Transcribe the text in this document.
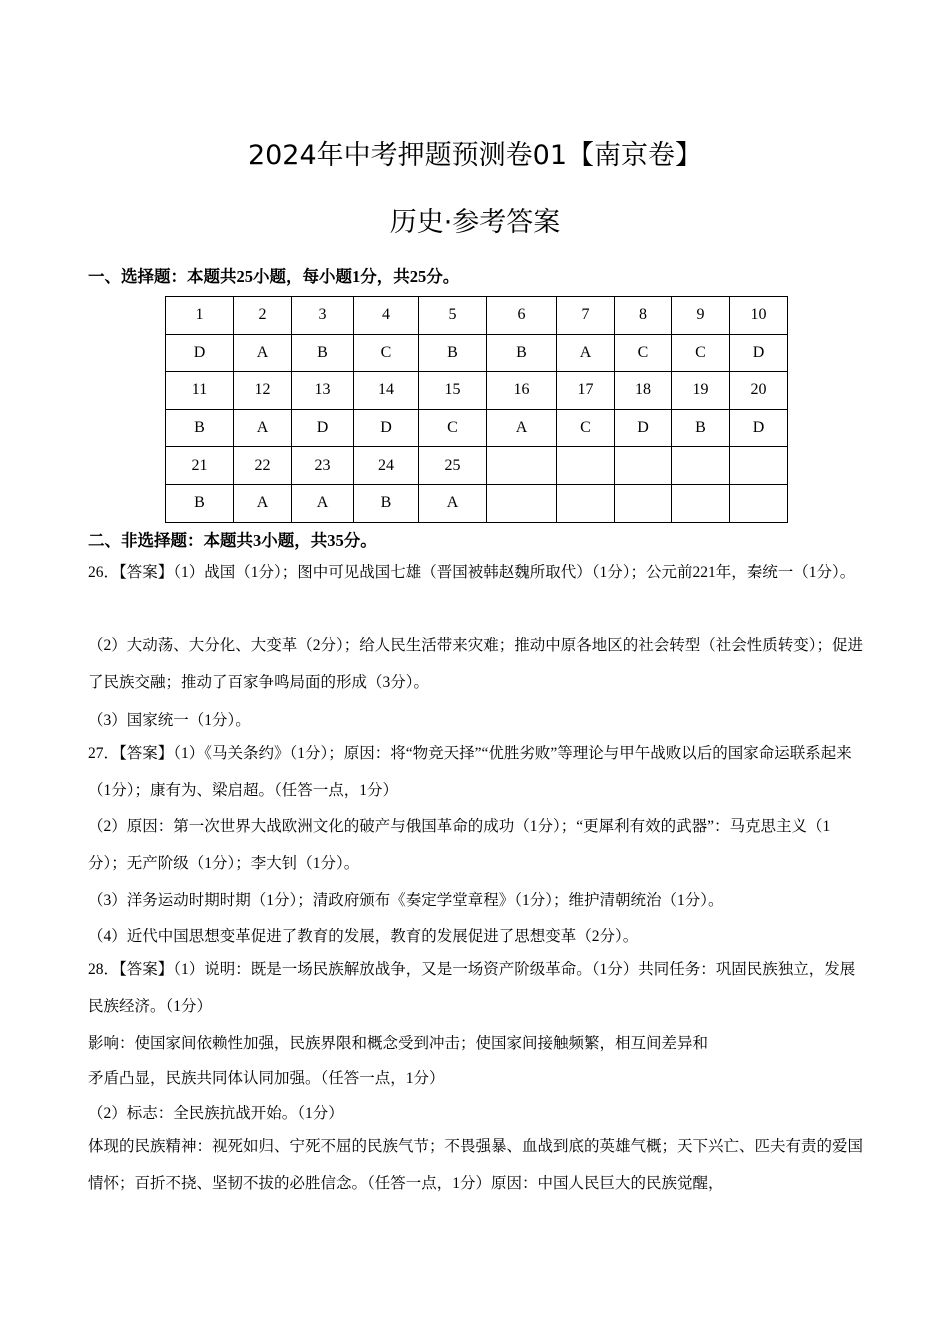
2024年中考押题预测卷01【南京卷】
历史·参考答案
一、选择题：本题共25小题，每小题1分，共25分。
1	2	3	4	5	6	7	8	9	10
D	A	B	C	B	B	A	C	C	D
11	12	13	14	15	16	17	18	19	20
B	A	D	D	C	A	C	D	B	D
21	22	23	24	25					
B	A	A	B	A					
二、非选择题：本题共3小题，共35分。
26．【答案】（1）战国（1分）；图中可见战国七雄（晋国被韩赵魏所取代）（1分）；公元前221年，秦统一（1分）。
（2）大动荡、大分化、大变革（2分）；给人民生活带来灾难；推动中原各地区的社会转型（社会性质转变）；促进了民族交融；推动了百家争鸣局面的形成（3分）。
（3）国家统一（1分）。
27．【答案】（1）《马关条约》（1分）；原因：将“物竞天择”“优胜劣败”等理论与甲午战败以后的国家命运联系起来（1分）；康有为、梁启超。（任答一点，1分）
（2）原因：第一次世界大战欧洲文化的破产与俄国革命的成功（1分）；“更犀利有效的武器”：马克思主义（1分）；无产阶级（1分）；李大钊（1分）。
（3）洋务运动时期时期（1分）；清政府颁布《奏定学堂章程》（1分）；维护清朝统治（1分）。
（4）近代中国思想变革促进了教育的发展，教育的发展促进了思想变革（2分）。
28．【答案】（1）说明：既是一场民族解放战争，又是一场资产阶级革命。（1分）共同任务：巩固民族独立，发展民族经济。（1分）
影响：使国家间依赖性加强，民族界限和概念受到冲击；使国家间接触频繁，相互间差异和
矛盾凸显，民族共同体认同加强。（任答一点，1分）
（2）标志：全民族抗战开始。（1分）
体现的民族精神：视死如归、宁死不屈的民族气节；不畏强暴、血战到底的英雄气概；天下兴亡、匹夫有责的爱国情怀；百折不挠、坚韧不拔的必胜信念。（任答一点，1分）原因：中国人民巨大的民族觉醒，
